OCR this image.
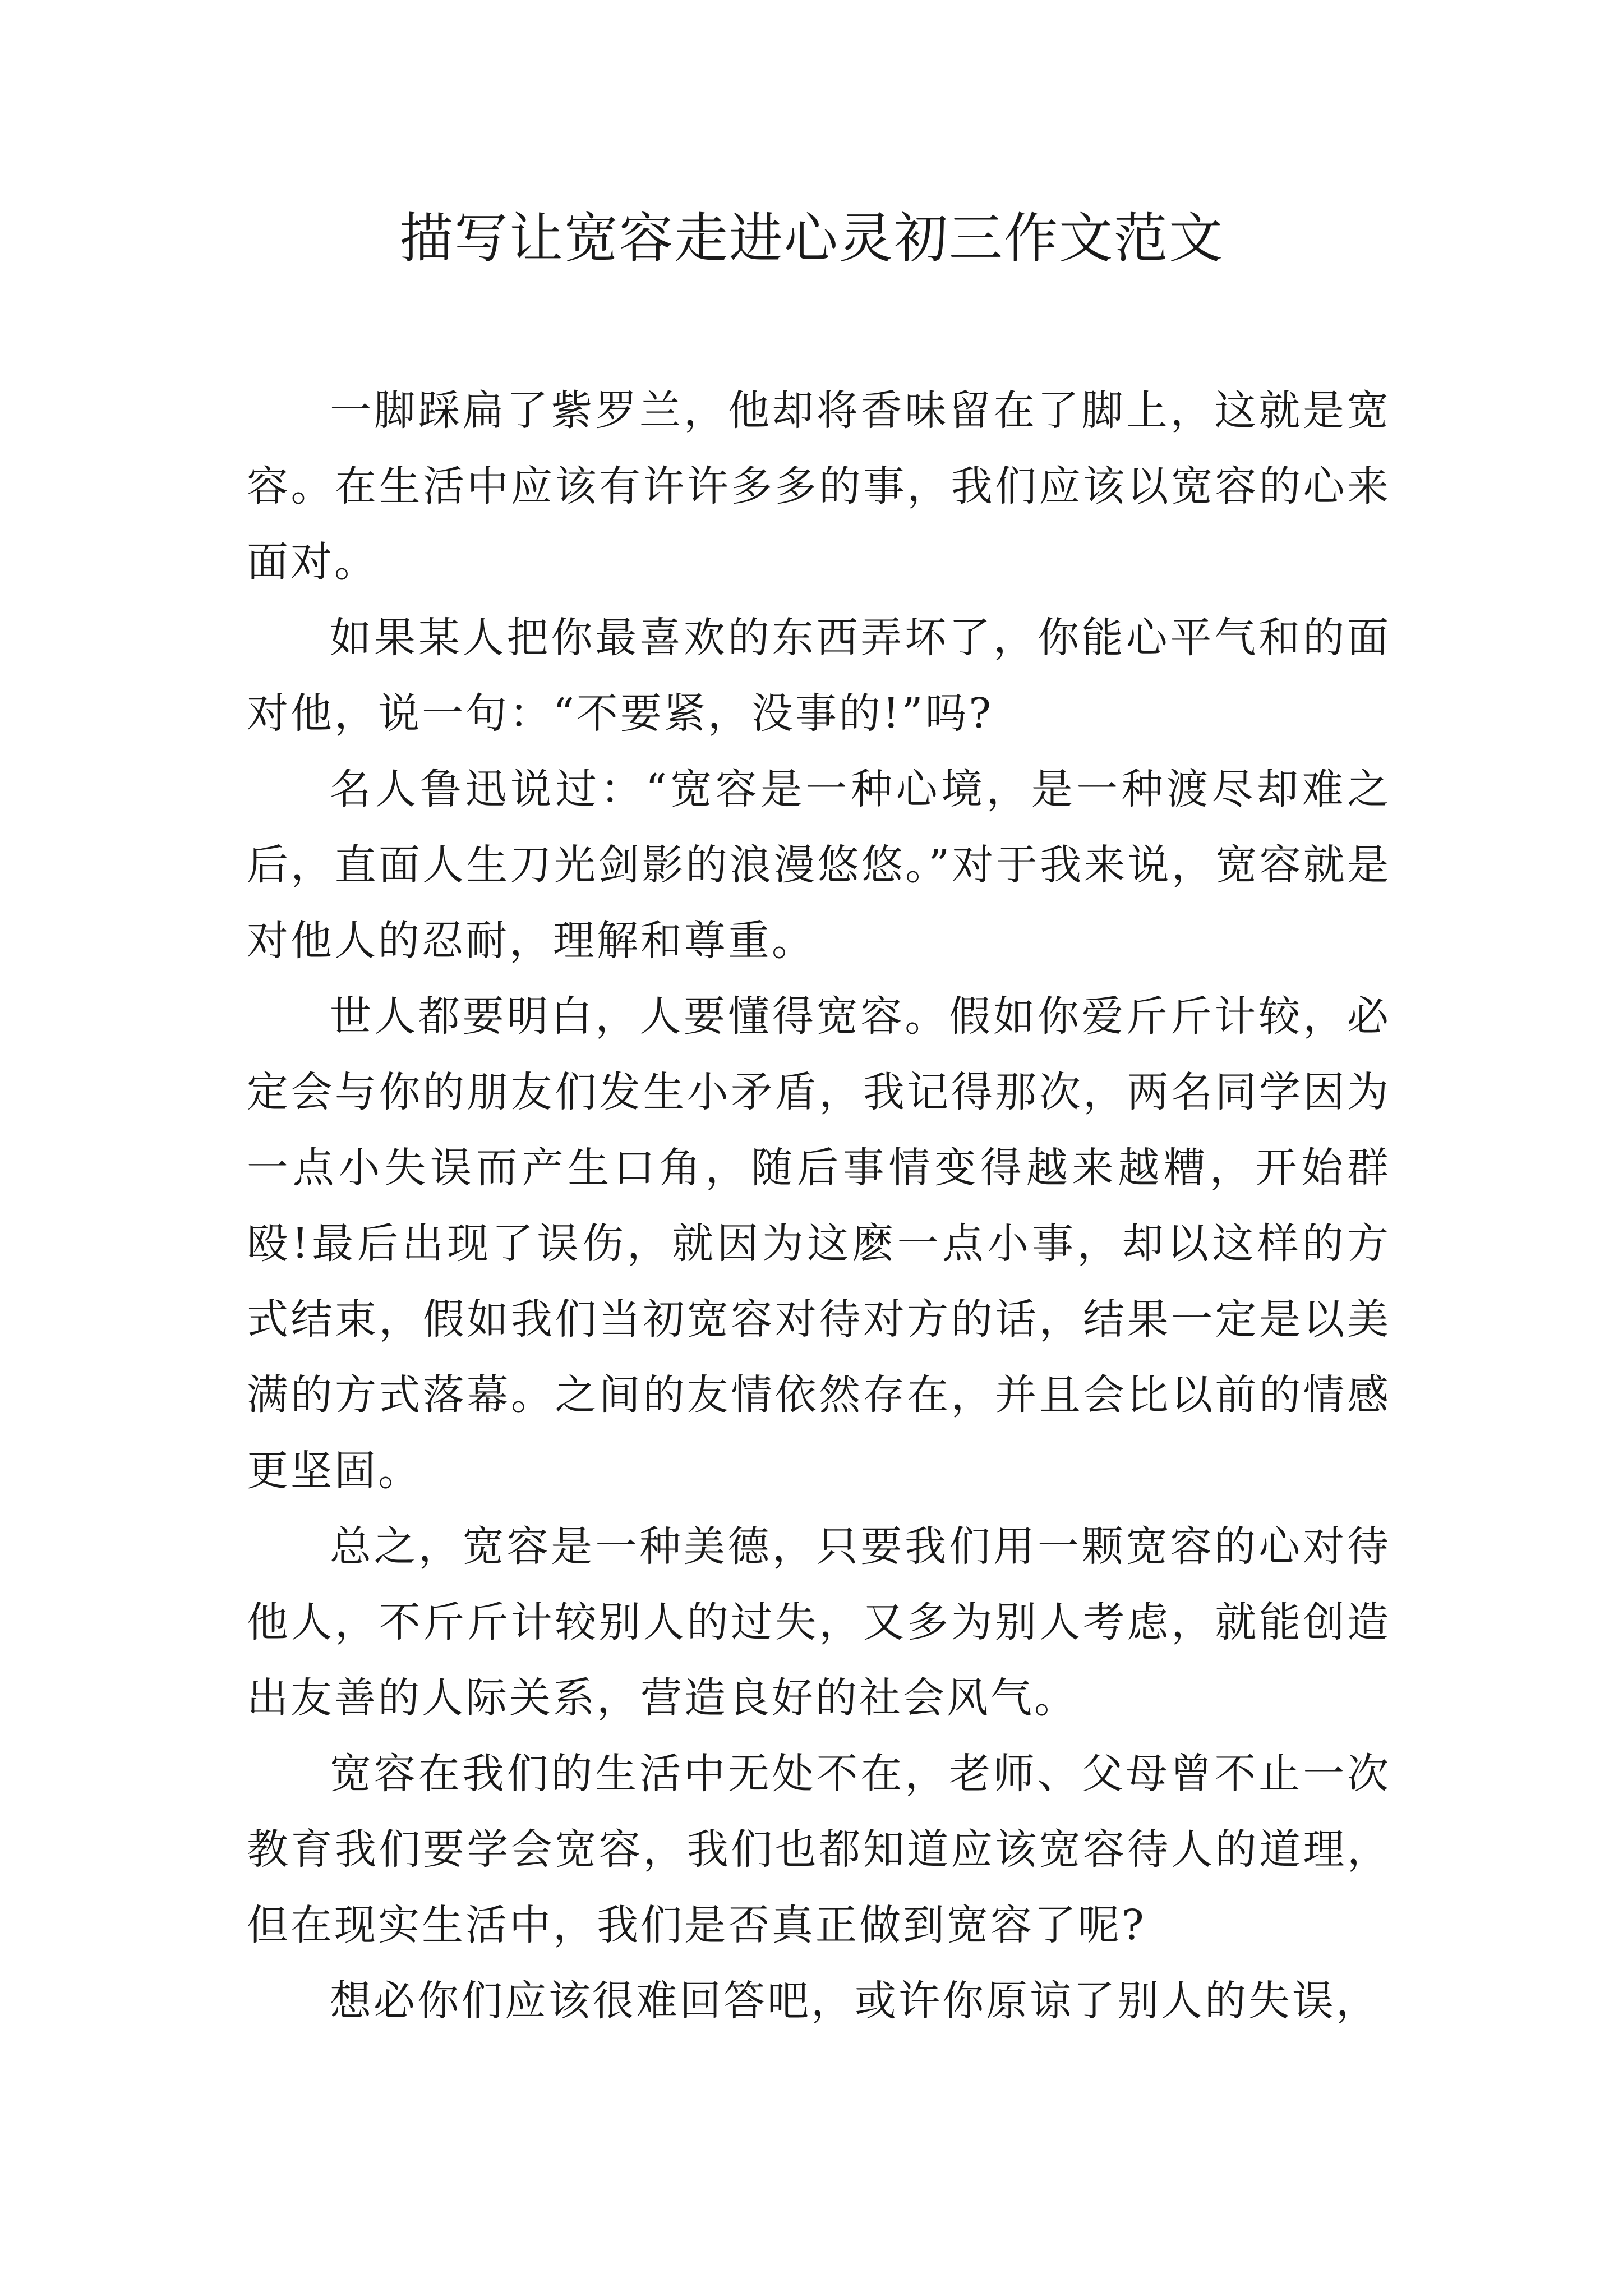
描写让宽容走进心灵初三作文范文

一脚踩扁了紫罗兰，他却将香味留在了脚上，这就是宽容。在生活中应该有许许多多的事，我们应该以宽容的心来面对。

如果某人把你最喜欢的东西弄坏了，你能心平气和的面对他，说一句：“不要紧，没事的!”吗?

名人鲁迅说过：“宽容是一种心境，是一种渡尽却难之后，直面人生刀光剑影的浪漫悠悠。”对于我来说，宽容就是对他人的忍耐，理解和尊重。

世人都要明白，人要懂得宽容。假如你爱斤斤计较，必定会与你的朋友们发生小矛盾，我记得那次，两名同学因为一点小失误而产生口角，随后事情变得越来越糟，开始群殴!最后出现了误伤，就因为这麽一点小事，却以这样的方式结束，假如我们当初宽容对待对方的话，结果一定是以美满的方式落幕。之间的友情依然存在，并且会比以前的情感更坚固。

总之，宽容是一种美德，只要我们用一颗宽容的心对待他人，不斤斤计较别人的过失，又多为别人考虑，就能创造出友善的人际关系，营造良好的社会风气。

宽容在我们的生活中无处不在，老师、父母曾不止一次教育我们要学会宽容，我们也都知道应该宽容待人的道理，但在现实生活中，我们是否真正做到宽容了呢?

想必你们应该很难回答吧，或许你原谅了别人的失误，
